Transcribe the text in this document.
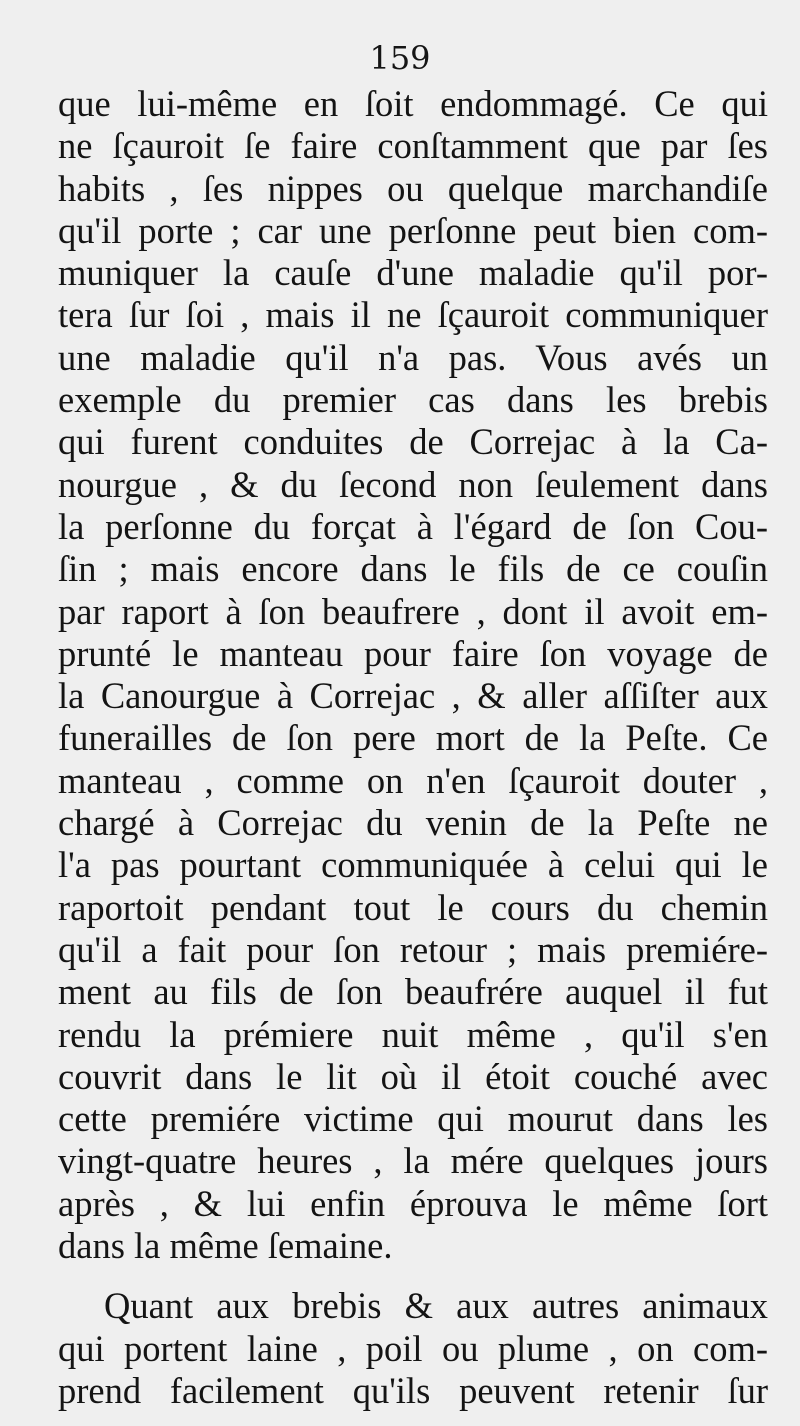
159
que lui-même en ſoit endommagé. Ce qui
ne ſçauroit ſe faire conſtamment que par ſes
habits , ſes nippes ou quelque marchandiſe
qu'il porte ; car une perſonne peut bien com-
muniquer la cauſe d'une maladie qu'il por-
tera ſur ſoi , mais il ne ſçauroit communiquer
une maladie qu'il n'a pas. Vous avés un
exemple du premier cas dans les brebis
qui furent conduites de Correjac à la Ca-
nourgue , & du ſecond non ſeulement dans
la perſonne du forçat à l'égard de ſon Cou-
ſin ; mais encore dans le fils de ce couſin
par raport à ſon beaufrere , dont il avoit em-
prunté le manteau pour faire ſon voyage de
la Canourgue à Correjac , & aller aſſiſter aux
funerailles de ſon pere mort de la Peſte. Ce
manteau , comme on n'en ſçauroit douter ,
chargé à Correjac du venin de la Peſte ne
l'a pas pourtant communiquée à celui qui le
raportoit pendant tout le cours du chemin
qu'il a fait pour ſon retour ; mais premiére-
ment au fils de ſon beaufrére auquel il fut
rendu la prémiere nuit même , qu'il s'en
couvrit dans le lit où il étoit couché avec
cette premiére victime qui mourut dans les
vingt-quatre heures , la mére quelques jours
après , & lui enfin éprouva le même ſort
dans la même ſemaine.
Quant aux brebis & aux autres animaux
qui portent laine , poil ou plume , on com-
prend facilement qu'ils peuvent retenir ſur
